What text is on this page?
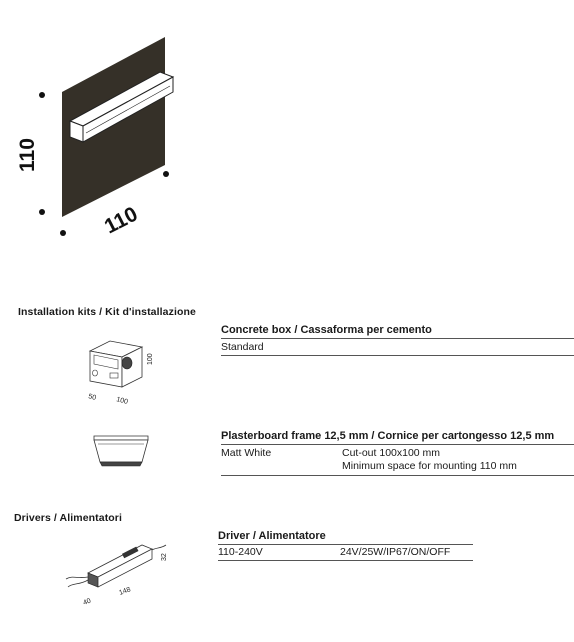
110
110
Installation kits / Kit d'installazione
100
100
50
Concrete box / Cassaforma per cemento
Standard
Plasterboard frame 12,5 mm / Cornice per cartongesso 12,5 mm
Matt White	Cut-out 100x100 mm
Minimum space for mounting 110 mm
Drivers / Alimentatori
32
148
40
Driver / Alimentatore
110-240V	24V/25W/IP67/ON/OFF
